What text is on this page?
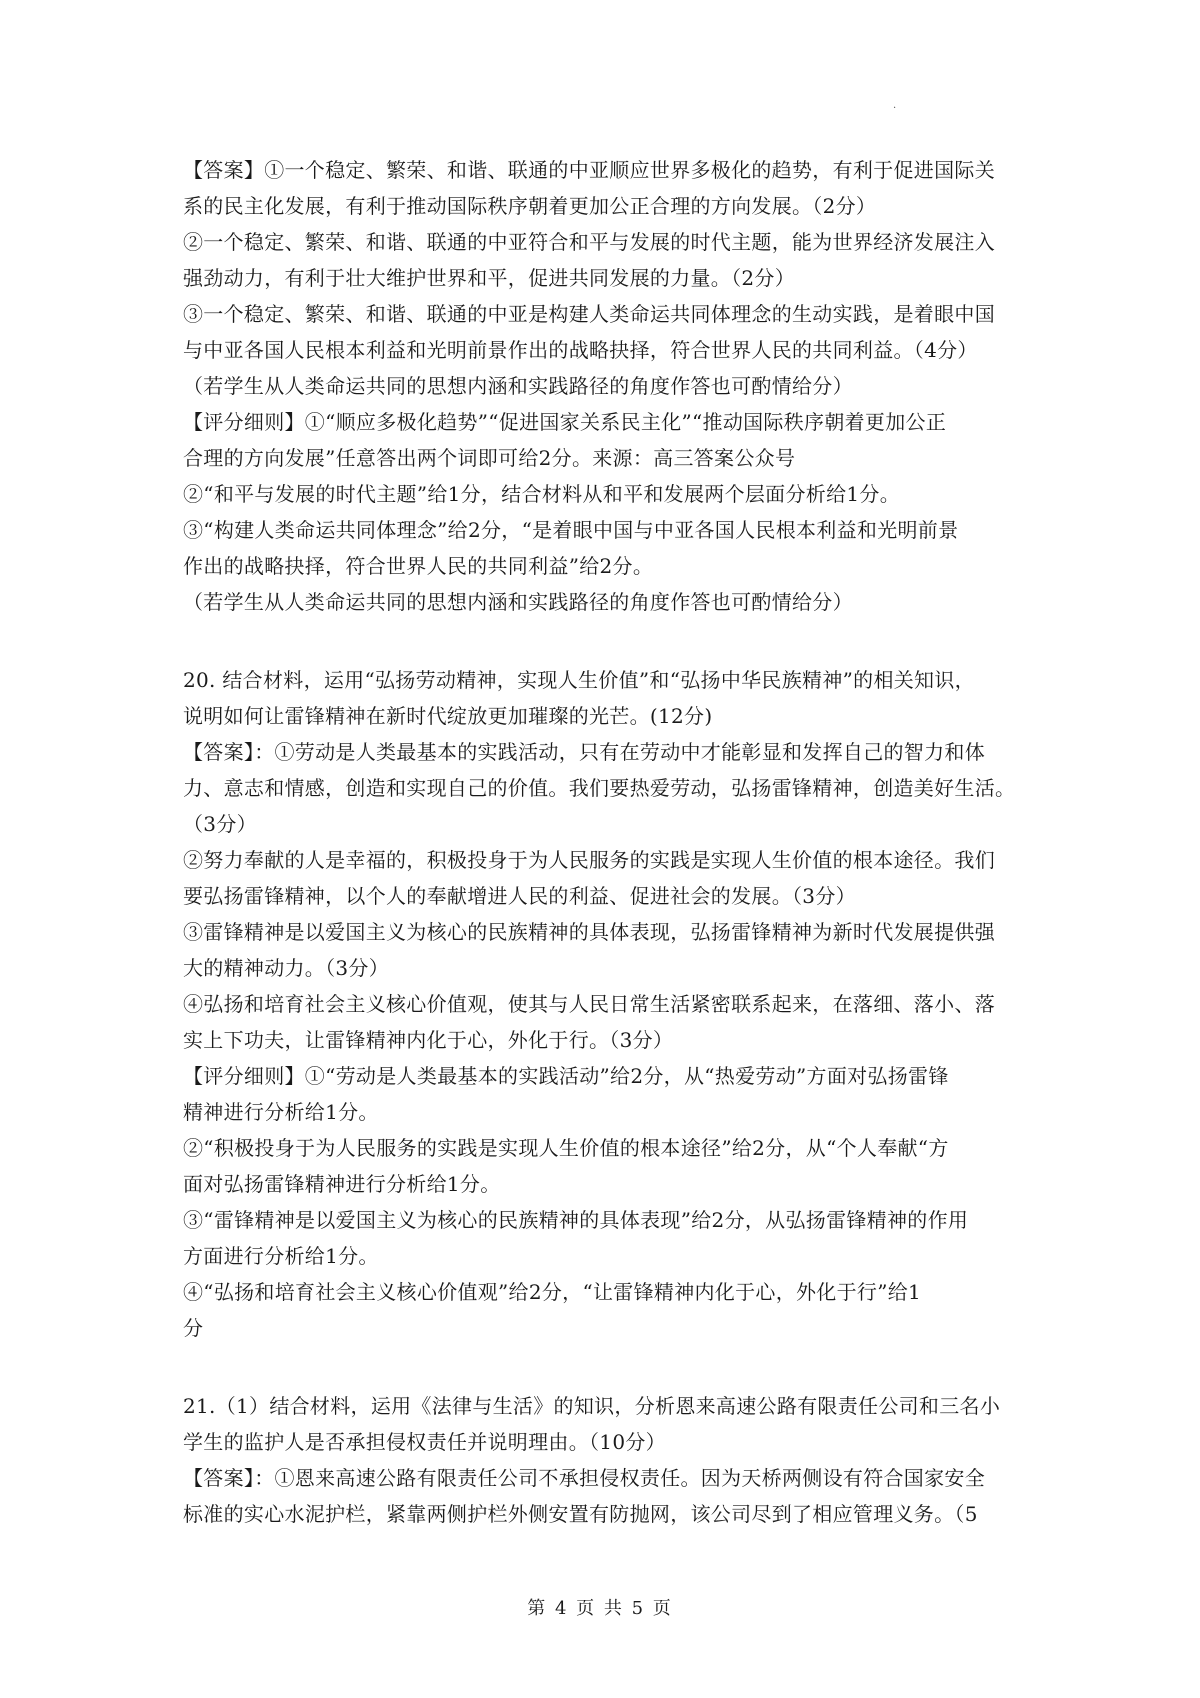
.
【答案】①一个稳定、繁荣、和谐、联通的中亚顺应世界多极化的趋势，有利于促进国际关
系的民主化发展，有利于推动国际秩序朝着更加公正合理的方向发展。（2分）
②一个稳定、繁荣、和谐、联通的中亚符合和平与发展的时代主题，能为世界经济发展注入
强劲动力，有利于壮大维护世界和平，促进共同发展的力量。（2分）
③一个稳定、繁荣、和谐、联通的中亚是构建人类命运共同体理念的生动实践，是着眼中国
与中亚各国人民根本利益和光明前景作出的战略抉择，符合世界人民的共同利益。（4分）
（若学生从人类命运共同的思想内涵和实践路径的角度作答也可酌情给分）
【评分细则】①“顺应多极化趋势”“促进国家关系民主化”“推动国际秩序朝着更加公正
合理的方向发展”任意答出两个词即可给2分。来源：高三答案公众号
②“和平与发展的时代主题”给1分，结合材料从和平和发展两个层面分析给1分。
③“构建人类命运共同体理念”给2分，“是着眼中国与中亚各国人民根本利益和光明前景
作出的战略抉择，符合世界人民的共同利益”给2分。
（若学生从人类命运共同的思想内涵和实践路径的角度作答也可酌情给分）
20. 结合材料，运用“弘扬劳动精神，实现人生价值”和“弘扬中华民族精神”的相关知识，
说明如何让雷锋精神在新时代绽放更加璀璨的光芒。(12分)
【答案】：①劳动是人类最基本的实践活动，只有在劳动中才能彰显和发挥自己的智力和体
力、意志和情感，创造和实现自己的价值。我们要热爱劳动，弘扬雷锋精神，创造美好生活。
（3分）
②努力奉献的人是幸福的，积极投身于为人民服务的实践是实现人生价值的根本途径。我们
要弘扬雷锋精神，以个人的奉献增进人民的利益、促进社会的发展。（3分）
③雷锋精神是以爱国主义为核心的民族精神的具体表现，弘扬雷锋精神为新时代发展提供强
大的精神动力。（3分）
④弘扬和培育社会主义核心价值观，使其与人民日常生活紧密联系起来，在落细、落小、落
实上下功夫，让雷锋精神内化于心，外化于行。（3分）
【评分细则】①“劳动是人类最基本的实践活动”给2分，从“热爱劳动”方面对弘扬雷锋
精神进行分析给1分。
②“积极投身于为人民服务的实践是实现人生价值的根本途径”给2分，从“个人奉献“方
面对弘扬雷锋精神进行分析给1分。
③“雷锋精神是以爱国主义为核心的民族精神的具体表现”给2分，从弘扬雷锋精神的作用
方面进行分析给1分。
④“弘扬和培育社会主义核心价值观”给2分，“让雷锋精神内化于心，外化于行”给1
分
21.（1）结合材料，运用《法律与生活》的知识，分析恩来高速公路有限责任公司和三名小
学生的监护人是否承担侵权责任并说明理由。（10分）
【答案】：①恩来高速公路有限责任公司不承担侵权责任。因为天桥两侧设有符合国家安全
标准的实心水泥护栏，紧靠两侧护栏外侧安置有防抛网，该公司尽到了相应管理义务。（5
第 4 页 共 5 页
